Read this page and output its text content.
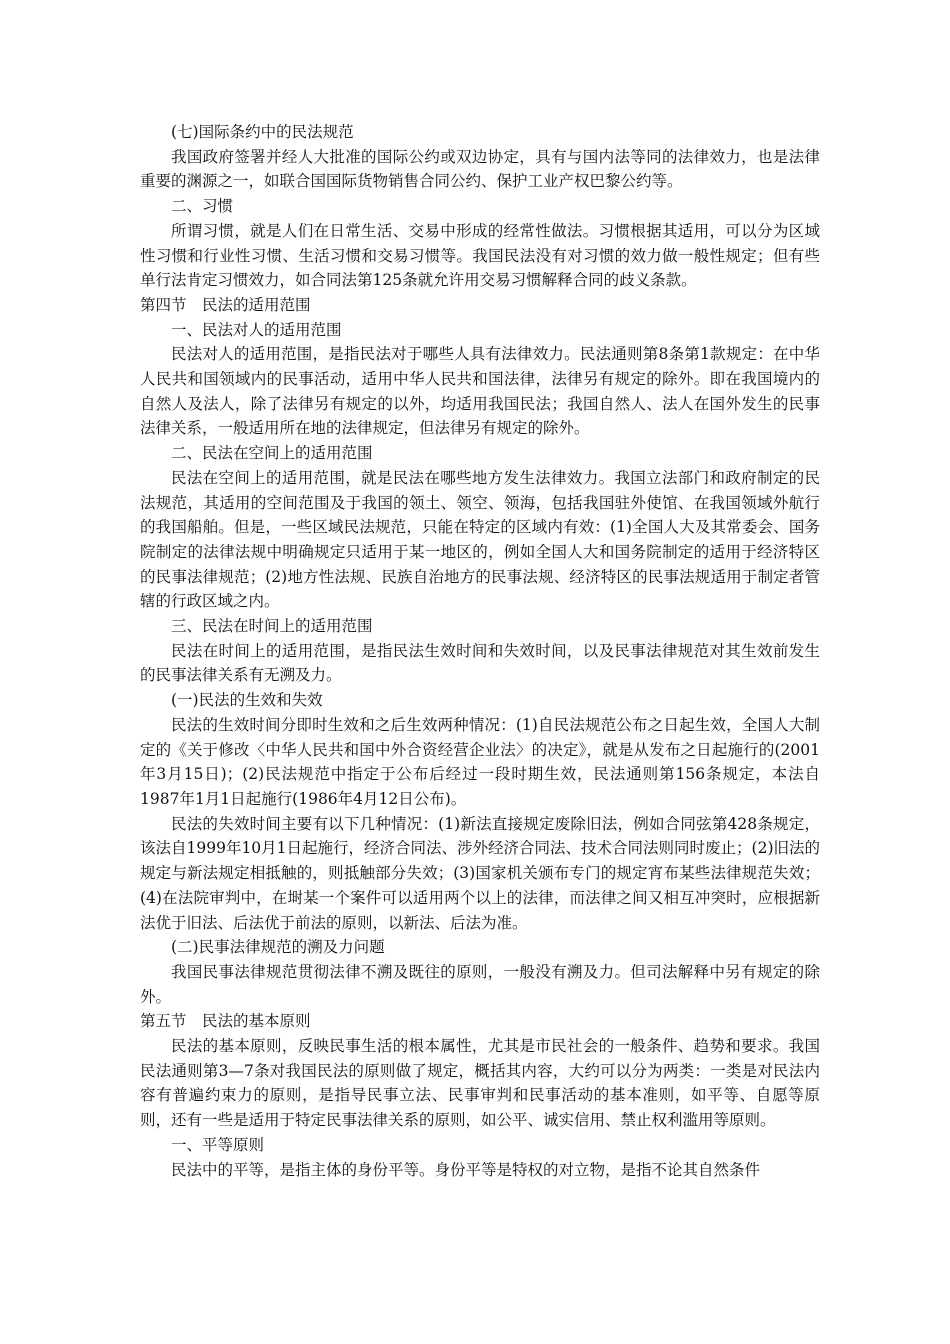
(七)国际条约中的民法规范

我国政府签署并经人大批准的国际公约或双边协定，具有与国内法等同的法律效力，也是法律重要的渊源之一，如联合国国际货物销售合同公约、保护工业产权巴黎公约等。

二、习惯

所谓习惯，就是人们在日常生活、交易中形成的经常性做法。习惯根据其适用，可以分为区域性习惯和行业性习惯、生活习惯和交易习惯等。我国民法没有对习惯的效力做一般性规定；但有些单行法肯定习惯效力，如合同法第125条就允许用交易习惯解释合同的歧义条款。

第四节　民法的适用范围

一、民法对人的适用范围

民法对人的适用范围，是指民法对于哪些人具有法律效力。民法通则第8条第1款规定：在中华人民共和国领域内的民事活动，适用中华人民共和国法律，法律另有规定的除外。即在我国境内的自然人及法人，除了法律另有规定的以外，均适用我国民法；我国自然人、法人在国外发生的民事法律关系，一般适用所在地的法律规定，但法律另有规定的除外。

二、民法在空间上的适用范围

民法在空间上的适用范围，就是民法在哪些地方发生法律效力。我国立法部门和政府制定的民法规范，其适用的空间范围及于我国的领土、领空、领海，包括我国驻外使馆、在我国领域外航行的我国船舶。但是，一些区域民法规范，只能在特定的区域内有效：(1)全国人大及其常委会、国务院制定的法律法规中明确规定只适用于某一地区的，例如全国人大和国务院制定的适用于经济特区的民事法律规范；(2)地方性法规、民族自治地方的民事法规、经济特区的民事法规适用于制定者管辖的行政区域之内。

三、民法在时间上的适用范围

民法在时间上的适用范围，是指民法生效时间和失效时间，以及民事法律规范对其生效前发生的民事法律关系有无溯及力。

(一)民法的生效和失效

民法的生效时间分即时生效和之后生效两种情况：(1)自民法规范公布之日起生效，全国人大制定的《关于修改〈中华人民共和国中外合资经营企业法〉的决定》，就是从发布之日起施行的(2001年3月15日)；(2)民法规范中指定于公布后经过一段时期生效，民法通则第156条规定，本法自1987年1月1日起施行(1986年4月12日公布)。

民法的失效时间主要有以下几种情况：(1)新法直接规定废除旧法，例如合同弦第428条规定，该法自1999年10月1日起施行，经济合同法、涉外经济合同法、技术合同法则同时废止；(2)旧法的规定与新法规定相抵触的，则抵触部分失效；(3)国家机关颁布专门的规定宵布某些法律规范失效；(4)在法院审判中，在埘某一个案件可以适用两个以上的法律，而法律之间又相互冲突时，应根据新法优于旧法、后法优于前法的原则，以新法、后法为准。

(二)民事法律规范的溯及力问题

我国民事法律规范贯彻法律不溯及既往的原则，一般没有溯及力。但司法解释中另有规定的除外。

第五节　民法的基本原则

民法的基本原则，反映民事生活的根本属性，尤其是市民社会的一般条件、趋势和要求。我国民法通则第3—7条对我国民法的原则做了规定，概括其内容，大约可以分为两类：一类是对民法内容有普遍约束力的原则，是指导民事立法、民事审判和民事活动的基本准则，如平等、自愿等原则，还有一些是适用于特定民事法律关系的原则，如公平、诚实信用、禁止权利滥用等原则。

一、平等原则

民法中的平等，是指主体的身份平等。身份平等是特权的对立物，是指不论其自然条件
